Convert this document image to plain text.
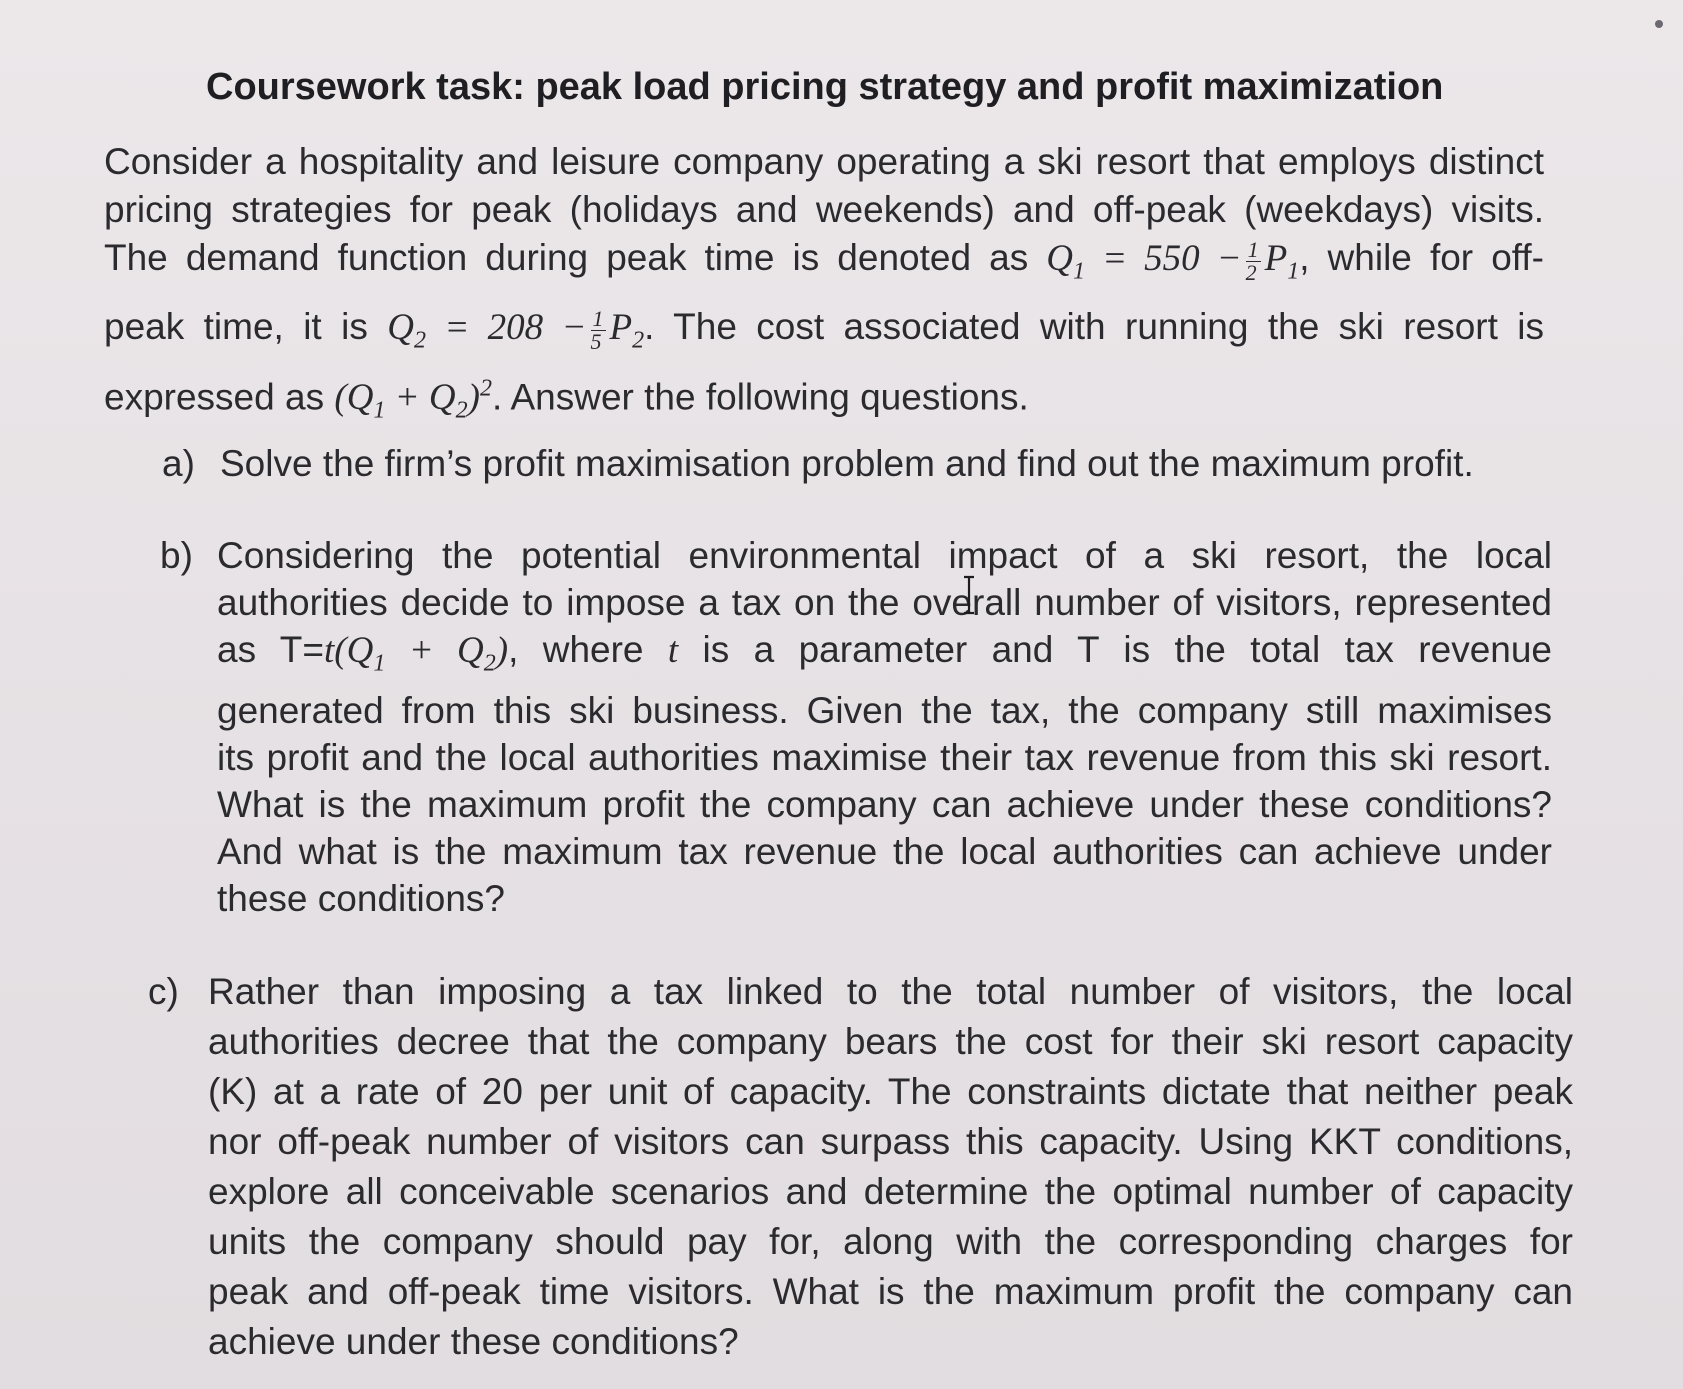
Coursework task: peak load pricing strategy and profit maximization
Consider a hospitality and leisure company operating a ski resort that employs distinct
pricing strategies for peak (holidays and weekends) and off-peak (weekdays) visits.
The demand function during peak time is denoted as $Q_1 = 550 - \frac{1}{2} P_1$, while for off-
peak time, it is $Q_2 = 208 - \frac{1}{5} P_2$. The cost associated with running the ski resort is
expressed as $(Q_1 + Q_2)^2$. Answer the following questions.
a) Solve the firm’s profit maximisation problem and find out the maximum profit.
b) Considering the potential environmental impact of a ski resort, the local
authorities decide to impose a tax on the overall number of visitors, represented
as $T=t(Q_1 + Q_2)$, where t is a parameter and T is the total tax revenue
generated from this ski business. Given the tax, the company still maximises
its profit and the local authorities maximise their tax revenue from this ski resort.
What is the maximum profit the company can achieve under these conditions?
And what is the maximum tax revenue the local authorities can achieve under
these conditions?
c) Rather than imposing a tax linked to the total number of visitors, the local
authorities decree that the company bears the cost for their ski resort capacity
(K) at a rate of 20 per unit of capacity. The constraints dictate that neither peak
nor off-peak number of visitors can surpass this capacity. Using KKT conditions,
explore all conceivable scenarios and determine the optimal number of capacity
units the company should pay for, along with the corresponding charges for
peak and off-peak time visitors. What is the maximum profit the company can
achieve under these conditions?
